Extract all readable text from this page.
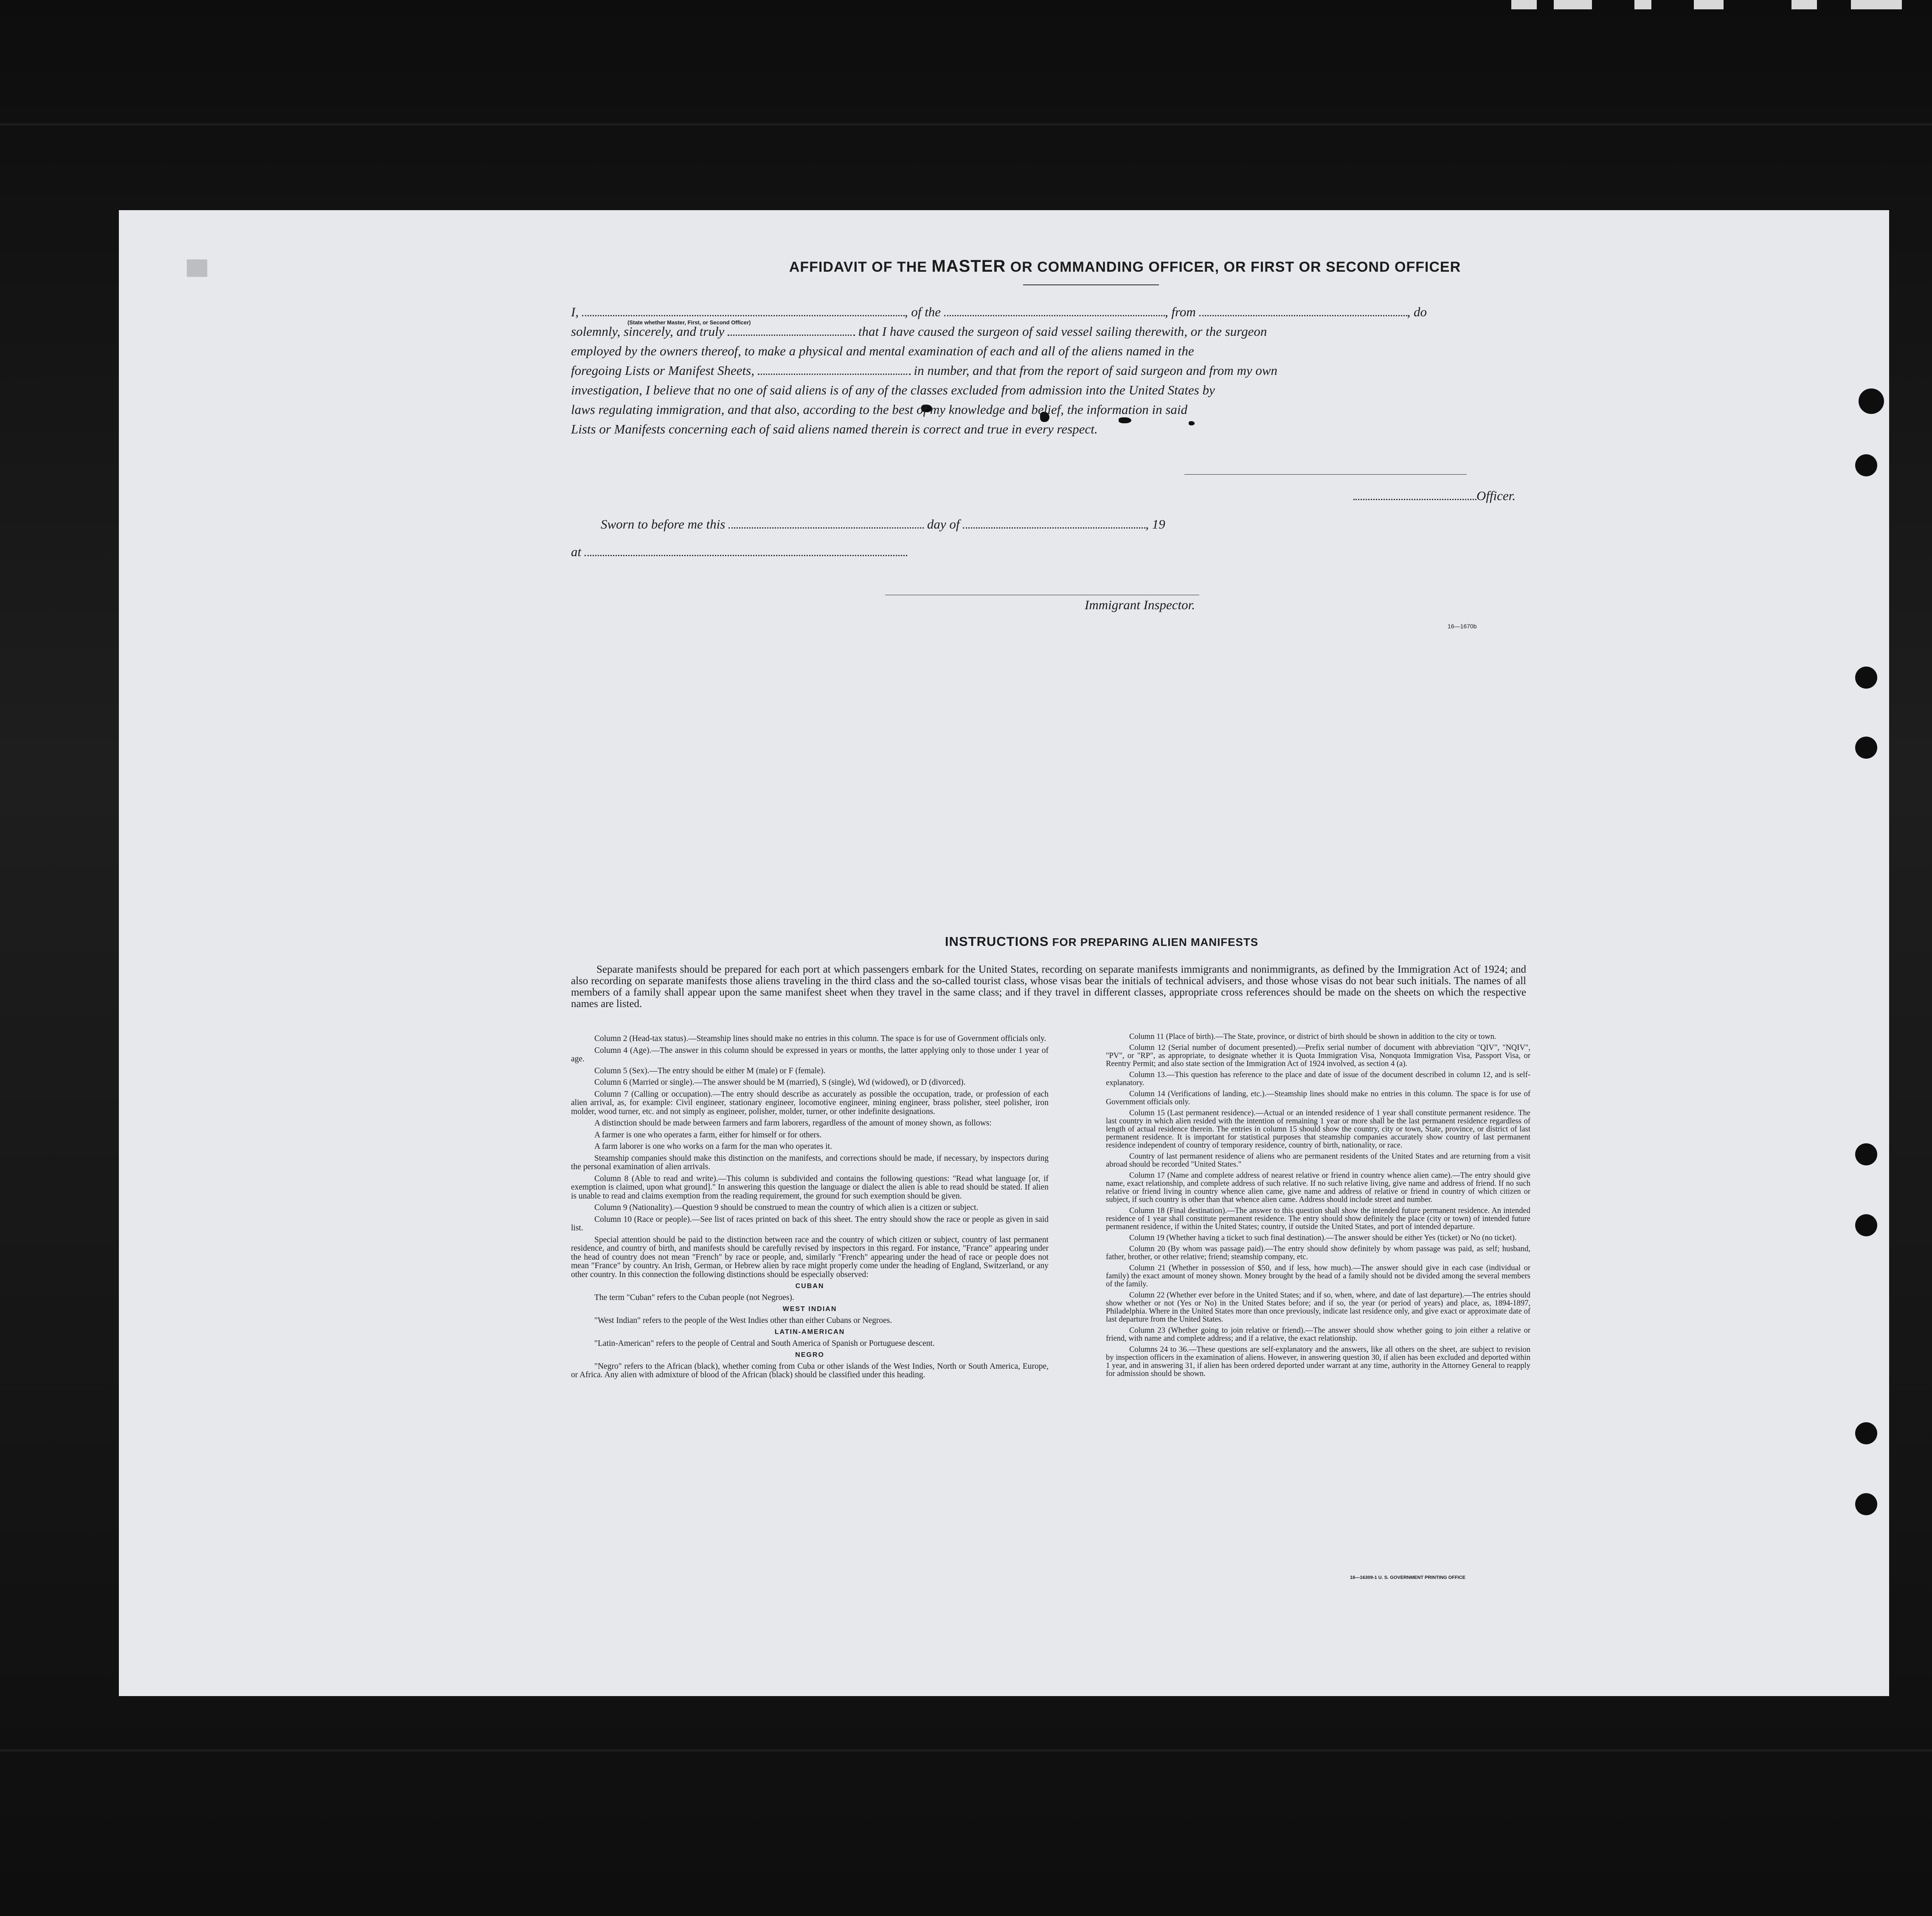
██	AFFIDAVIT OF THE MASTER OR COMMANDING OFFICER, OR FIRST OR SECOND OFFICER
I,	, of the	, from	, do
(State whether Master, First, or Second Officer)
solemnly, sincerely, and truly	that I have caused the surgeon of said vessel sailing therewith, or the surgeon
employed by the owners thereof, to make a physical and mental examination of each and all of the aliens named in the
foregoing Lists or Manifest Sheets,	in number, and that from the report of said surgeon and from my own
investigation, I believe that no one of said aliens is of any of the classes excluded from admission into the United States by
laws regulating immigration, and that also, according to the best of my knowledge and belief, the information in said
Lists or Manifests concerning each of said aliens named therein is correct and true in every respect.
Officer.
Sworn to before me this	day of	, 19
at
Immigrant Inspector.
16—1670b
INSTRUCTIONS FOR PREPARING ALIEN MANIFESTS

Separate manifests should be prepared for each port at which passengers embark for the United States, recording on separate manifests immigrants and nonimmigrants, as defined by the Immigration Act of 1924; and also recording on separate manifests those aliens traveling in the third class and the so-called tourist class, whose visas bear the initials of technical advisers, and those whose visas do not bear such initials. The names of all members of a family shall appear upon the same manifest sheet when they travel in the same class; and if they travel in different classes, appropriate cross references should be made on the sheets on which the respective names are listed.

Column 2 (Head-tax status).—Steamship lines should make no entries in this column. The space is for use of Government officials only.

Column 4 (Age).—The answer in this column should be expressed in years or months, the latter applying only to those under 1 year of age.

Column 5 (Sex).—The entry should be either M (male) or F (female).

Column 6 (Married or single).—The answer should be M (married), S (single), Wd (widowed), or D (divorced).

Column 7 (Calling or occupation).—The entry should describe as accurately as possible the occupation, trade, or profession of each alien arrival, as, for example: Civil engineer, stationary engineer, locomotive engineer, mining engineer, brass polisher, steel polisher, iron molder, wood turner, etc. and not simply as engineer, polisher, molder, turner, or other indefinite designations.

A distinction should be made between farmers and farm laborers, regardless of the amount of money shown, as follows:

A farmer is one who operates a farm, either for himself or for others.

A farm laborer is one who works on a farm for the man who operates it.

Steamship companies should make this distinction on the manifests, and corrections should be made, if necessary, by inspectors during the personal examination of alien arrivals.

Column 8 (Able to read and write).—This column is subdivided and contains the following questions: "Read what language [or, if exemption is claimed, upon what ground]." In answering this question the language or dialect the alien is able to read should be stated. If alien is unable to read and claims exemption from the reading requirement, the ground for such exemption should be given.

Column 9 (Nationality).—Question 9 should be construed to mean the country of which alien is a citizen or subject.

Column 10 (Race or people).—See list of races printed on back of this sheet. The entry should show the race or people as given in said list.

Special attention should be paid to the distinction between race and the country of which citizen or subject, country of last permanent residence, and country of birth, and manifests should be carefully revised by inspectors in this regard. For instance, "France" appearing under the head of country does not mean "French" by race or people, and, similarly "French" appearing under the head of race or people does not mean "France" by country. An Irish, German, or Hebrew alien by race might properly come under the heading of England, Switzerland, or any other country. In this connection the following distinctions should be especially observed:

CUBAN

The term "Cuban" refers to the Cuban people (not Negroes).

WEST INDIAN

"West Indian" refers to the people of the West Indies other than either Cubans or Negroes.

LATIN-AMERICAN

"Latin-American" refers to the people of Central and South America of Spanish or Portuguese descent.

NEGRO

"Negro" refers to the African (black), whether coming from Cuba or other islands of the West Indies, North or South America, Europe, or Africa. Any alien with admixture of blood of the African (black) should be classified under this heading.

Column 11 (Place of birth).—The State, province, or district of birth should be shown in addition to the city or town.

Column 12 (Serial number of document presented).—Prefix serial number of document with abbreviation "QIV", "NQIV", "PV", or "RP", as appropriate, to designate whether it is Quota Immigration Visa, Nonquota Immigration Visa, Passport Visa, or Reentry Permit; and also state section of the Immigration Act of 1924 involved, as section 4 (a).

Column 13.—This question has reference to the place and date of issue of the document described in column 12, and is self-explanatory.

Column 14 (Verifications of landing, etc.).—Steamship lines should make no entries in this column. The space is for use of Government officials only.

Column 15 (Last permanent residence).—Actual or an intended residence of 1 year shall constitute permanent residence. The last country in which alien resided with the intention of remaining 1 year or more shall be the last permanent residence regardless of length of actual residence therein. The entries in column 15 should show the country, city or town, State, province, or district of last permanent residence. It is important for statistical purposes that steamship companies accurately show country of last permanent residence independent of country of temporary residence, country of birth, nationality, or race.

Country of last permanent residence of aliens who are permanent residents of the United States and are returning from a visit abroad should be recorded "United States."

Column 17 (Name and complete address of nearest relative or friend in country whence alien came).—The entry should give name, exact relationship, and complete address of such relative. If no such relative living, give name and address of friend. If no such relative or friend living in country whence alien came, give name and address of relative or friend in country of which citizen or subject, if such country is other than that whence alien came. Address should include street and number.

Column 18 (Final destination).—The answer to this question shall show the intended future permanent residence. An intended residence of 1 year shall constitute permanent residence. The entry should show definitely the place (city or town) of intended future permanent residence, if within the United States; country, if outside the United States, and port of intended departure.

Column 19 (Whether having a ticket to such final destination).—The answer should be either Yes (ticket) or No (no ticket).

Column 20 (By whom was passage paid).—The entry should show definitely by whom passage was paid, as self; husband, father, brother, or other relative; friend; steamship company, etc.

Column 21 (Whether in possession of $50, and if less, how much).—The answer should give in each case (individual or family) the exact amount of money shown. Money brought by the head of a family should not be divided among the several members of the family.

Column 22 (Whether ever before in the United States; and if so, when, where, and date of last departure).—The entries should show whether or not (Yes or No) in the United States before; and if so, the year (or period of years) and place, as, 1894-1897, Philadelphia. Where in the United States more than once previously, indicate last residence only, and give exact or approximate date of last departure from the United States.

Column 23 (Whether going to join relative or friend).—The answer should show whether going to join either a relative or friend, with name and complete address; and if a relative, the exact relationship.

Columns 24 to 36.—These questions are self-explanatory and the answers, like all others on the sheet, are subject to revision by inspection officers in the examination of aliens. However, in answering question 30, if alien has been excluded and deported within 1 year, and in answering 31, if alien has been ordered deported under warrant at any time, authority in the Attorney General to reapply for admission should be shown.

16—16309-1 U. S. GOVERNMENT PRINTING OFFICE
